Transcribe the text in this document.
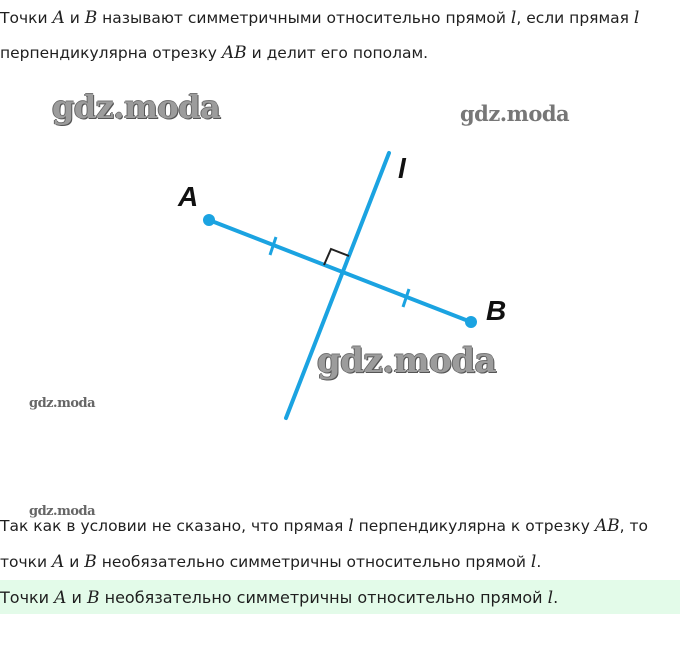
Точки A и B называют симметричными относительно прямой l, если прямая l
перпендикулярна отрезку AB и делит его пополам.
gdz.moda	gdz.moda
gdz.moda
gdz.moda
gdz.moda
A
B
l
Так как в условии не сказано, что прямая l перпендикулярна к отрезку AB, то
точки A и B необязательно симметричны относительно прямой l.
Точки A и B необязательно симметричны относительно прямой l.
